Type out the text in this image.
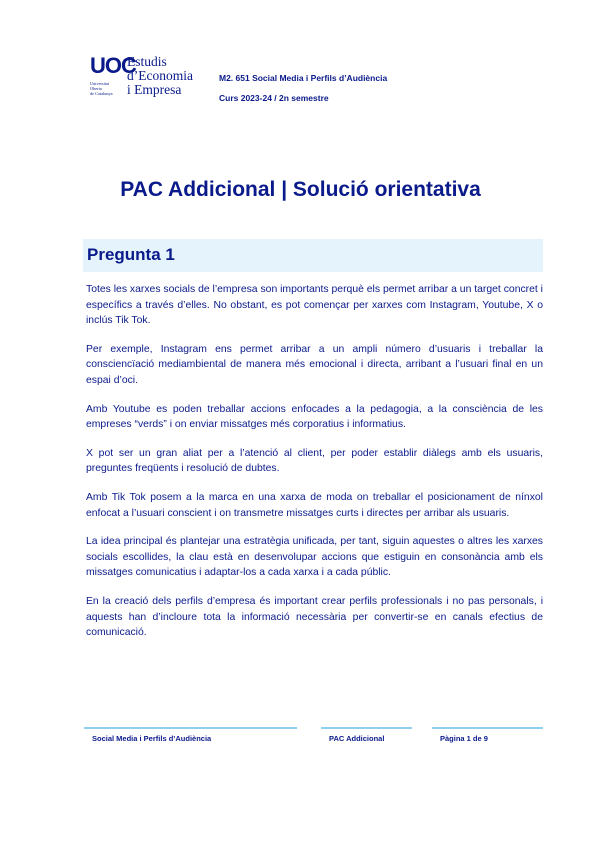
UOC
Universitat
Oberta
de Catalunya
Estudis
d’Economia
i Empresa
M2. 651 Social Media i Perfils d’Audiència
Curs 2023-24 / 2n semestre
PAC Addicional | Solució orientativa
Pregunta 1

Totes les xarxes socials de l’empresa son importants perquè els permet arribar a un target concret i específics a través d’elles. No obstant, es pot començar per xarxes com Instagram, Youtube, X o inclús Tik Tok.

Per exemple, Instagram ens permet arribar a un ampli número d’usuaris i treballar la consciencïació mediambiental de manera més emocional i directa, arribant a l’usuari final en un espai d’oci.

Amb Youtube es poden treballar accions enfocades a la pedagogia, a la consciència de les empreses “verds” i on enviar missatges més corporatius i informatius.

X pot ser un gran aliat per a l’atenció al client, per poder establir diàlegs amb els usuaris, preguntes freqüents i resolució de dubtes.

Amb Tik Tok posem a la marca en una xarxa de moda on treballar el posicionament de nínxol enfocat a l’usuari conscient i on transmetre missatges curts i directes per arribar als usuaris.

La idea principal és plantejar una estratègia unificada, per tant, siguin aquestes o altres les xarxes socials escollides, la clau està en desenvolupar accions que estiguin en consonància amb els missatges comunicatius i adaptar-los a cada xarxa i a cada públic.

En la creació dels perfils d’empresa és important crear perfils professionals i no pas personals, i aquests han d’incloure tota la informació necessària per convertir-se en canals efectius de comunicació.

Social Media i Perfils d’Audiència	PAC Addicional	Pàgina 1 de 9
